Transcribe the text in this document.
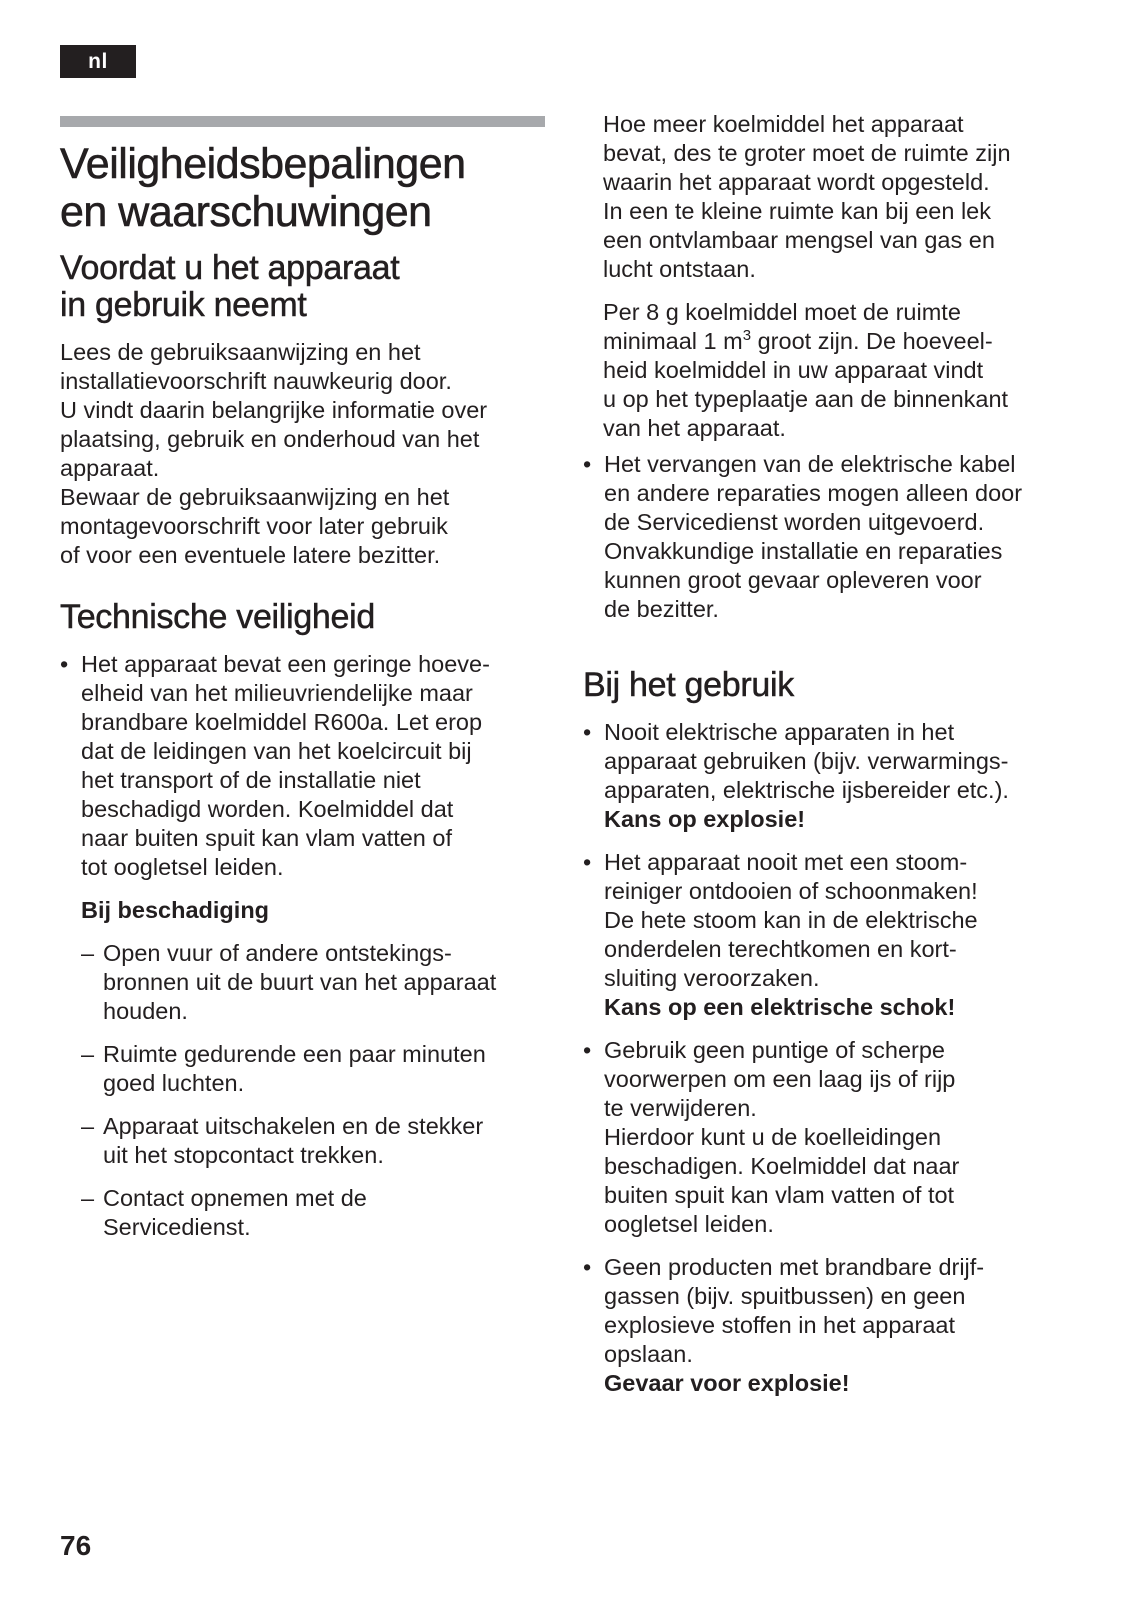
nl
Veiligheidsbepalingen
en waarschuwingen
Voordat u het apparaat
in gebruik neemt

Lees de gebruiksaanwijzing en het
installatievoorschrift nauwkeurig door.
U vindt daarin belangrijke informatie over
plaatsing, gebruik en onderhoud van het
apparaat.
Bewaar de gebruiksaanwijzing en het
montagevoorschrift voor later gebruik
of voor een eventuele latere bezitter.

Technische veiligheid
• Het apparaat bevat een geringe hoeve-
elheid van het milieuvriendelijke maar
brandbare koelmiddel R600a. Let erop
dat de leidingen van het koelcircuit bij
het transport of de installatie niet
beschadigd worden. Koelmiddel dat
naar buiten spuit kan vlam vatten of
tot oogletsel leiden.
Bij beschadiging
– Open vuur of andere ontstekings-
bronnen uit de buurt van het apparaat
houden.
– Ruimte gedurende een paar minuten
goed luchten.
– Apparaat uitschakelen en de stekker
uit het stopcontact trekken.
– Contact opnemen met de
Servicedienst.

Hoe meer koelmiddel het apparaat
bevat, des te groter moet de ruimte zijn
waarin het apparaat wordt opgesteld.
In een te kleine ruimte kan bij een lek
een ontvlambaar mengsel van gas en
lucht ontstaan.

Per 8 g koelmiddel moet de ruimte
minimaal 1 $m^3$ groot zijn. De hoeveel-
heid koelmiddel in uw apparaat vindt
u op het typeplaatje aan de binnenkant
van het apparaat.

• Het vervangen van de elektrische kabel
en andere reparaties mogen alleen door
de Servicedienst worden uitgevoerd.
Onvakkundige installatie en reparaties
kunnen groot gevaar opleveren voor
de bezitter.
Bij het gebruik
• Nooit elektrische apparaten in het
apparaat gebruiken (bijv. verwarmings-
apparaten, elektrische ijsbereider etc.).
Kans op explosie!
• Het apparaat nooit met een stoom-
reiniger ontdooien of schoonmaken!
De hete stoom kan in de elektrische
onderdelen terechtkomen en kort-
sluiting veroorzaken.
Kans op een elektrische schok!
• Gebruik geen puntige of scherpe
voorwerpen om een laag ijs of rijp
te verwijderen.
Hierdoor kunt u de koelleidingen
beschadigen. Koelmiddel dat naar
buiten spuit kan vlam vatten of tot
oogletsel leiden.
• Geen producten met brandbare drijf-
gassen (bijv. spuitbussen) en geen
explosieve stoffen in het apparaat
opslaan.
Gevaar voor explosie!
76
